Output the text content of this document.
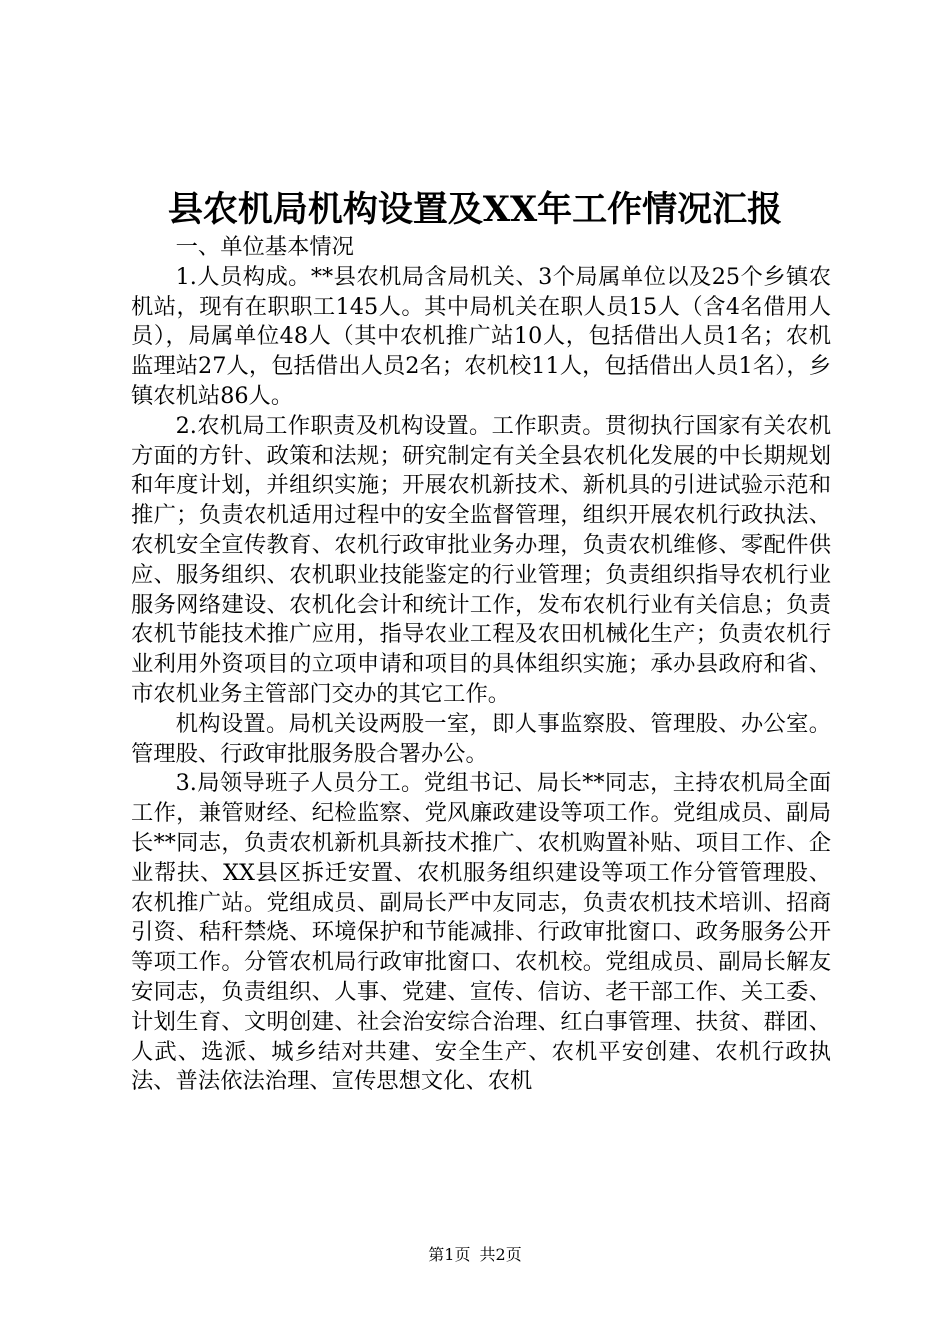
县农机局机构设置及XX年工作情况汇报

一、单位基本情况

1.人员构成。**县农机局含局机关、3个局属单位以及25个乡镇农机站，现有在职职工145人。其中局机关在职人员15人（含4名借用人员），局属单位48人（其中农机推广站10人，包括借出人员1名；农机监理站27人，包括借出人员2名；农机校11人，包括借出人员1名），乡镇农机站86人。

2.农机局工作职责及机构设置。工作职责。贯彻执行国家有关农机方面的方针、政策和法规；研究制定有关全县农机化发展的中长期规划和年度计划，并组织实施；开展农机新技术、新机具的引进试验示范和推广；负责农机适用过程中的安全监督管理，组织开展农机行政执法、农机安全宣传教育、农机行政审批业务办理，负责农机维修、零配件供应、服务组织、农机职业技能鉴定的行业管理；负责组织指导农机行业服务网络建设、农机化会计和统计工作，发布农机行业有关信息；负责农机节能技术推广应用，指导农业工程及农田机械化生产；负责农机行业利用外资项目的立项申请和项目的具体组织实施；承办县政府和省、市农机业务主管部门交办的其它工作。

机构设置。局机关设两股一室，即人事监察股、管理股、办公室。管理股、行政审批服务股合署办公。

3.局领导班子人员分工。党组书记、局长**同志，主持农机局全面工作，兼管财经、纪检监察、党风廉政建设等项工作。党组成员、副局长**同志，负责农机新机具新技术推广、农机购置补贴、项目工作、企业帮扶、XX县区拆迁安置、农机服务组织建设等项工作分管管理股、农机推广站。党组成员、副局长严中友同志，负责农机技术培训、招商引资、秸秆禁烧、环境保护和节能减排、行政审批窗口、政务服务公开等项工作。分管农机局行政审批窗口、农机校。党组成员、副局长解友安同志，负责组织、人事、党建、宣传、信访、老干部工作、关工委、计划生育、文明创建、社会治安综合治理、红白事管理、扶贫、群团、人武、选派、城乡结对共建、安全生产、农机平安创建、农机行政执法、普法依法治理、宣传思想文化、农机

第1页 共2页
